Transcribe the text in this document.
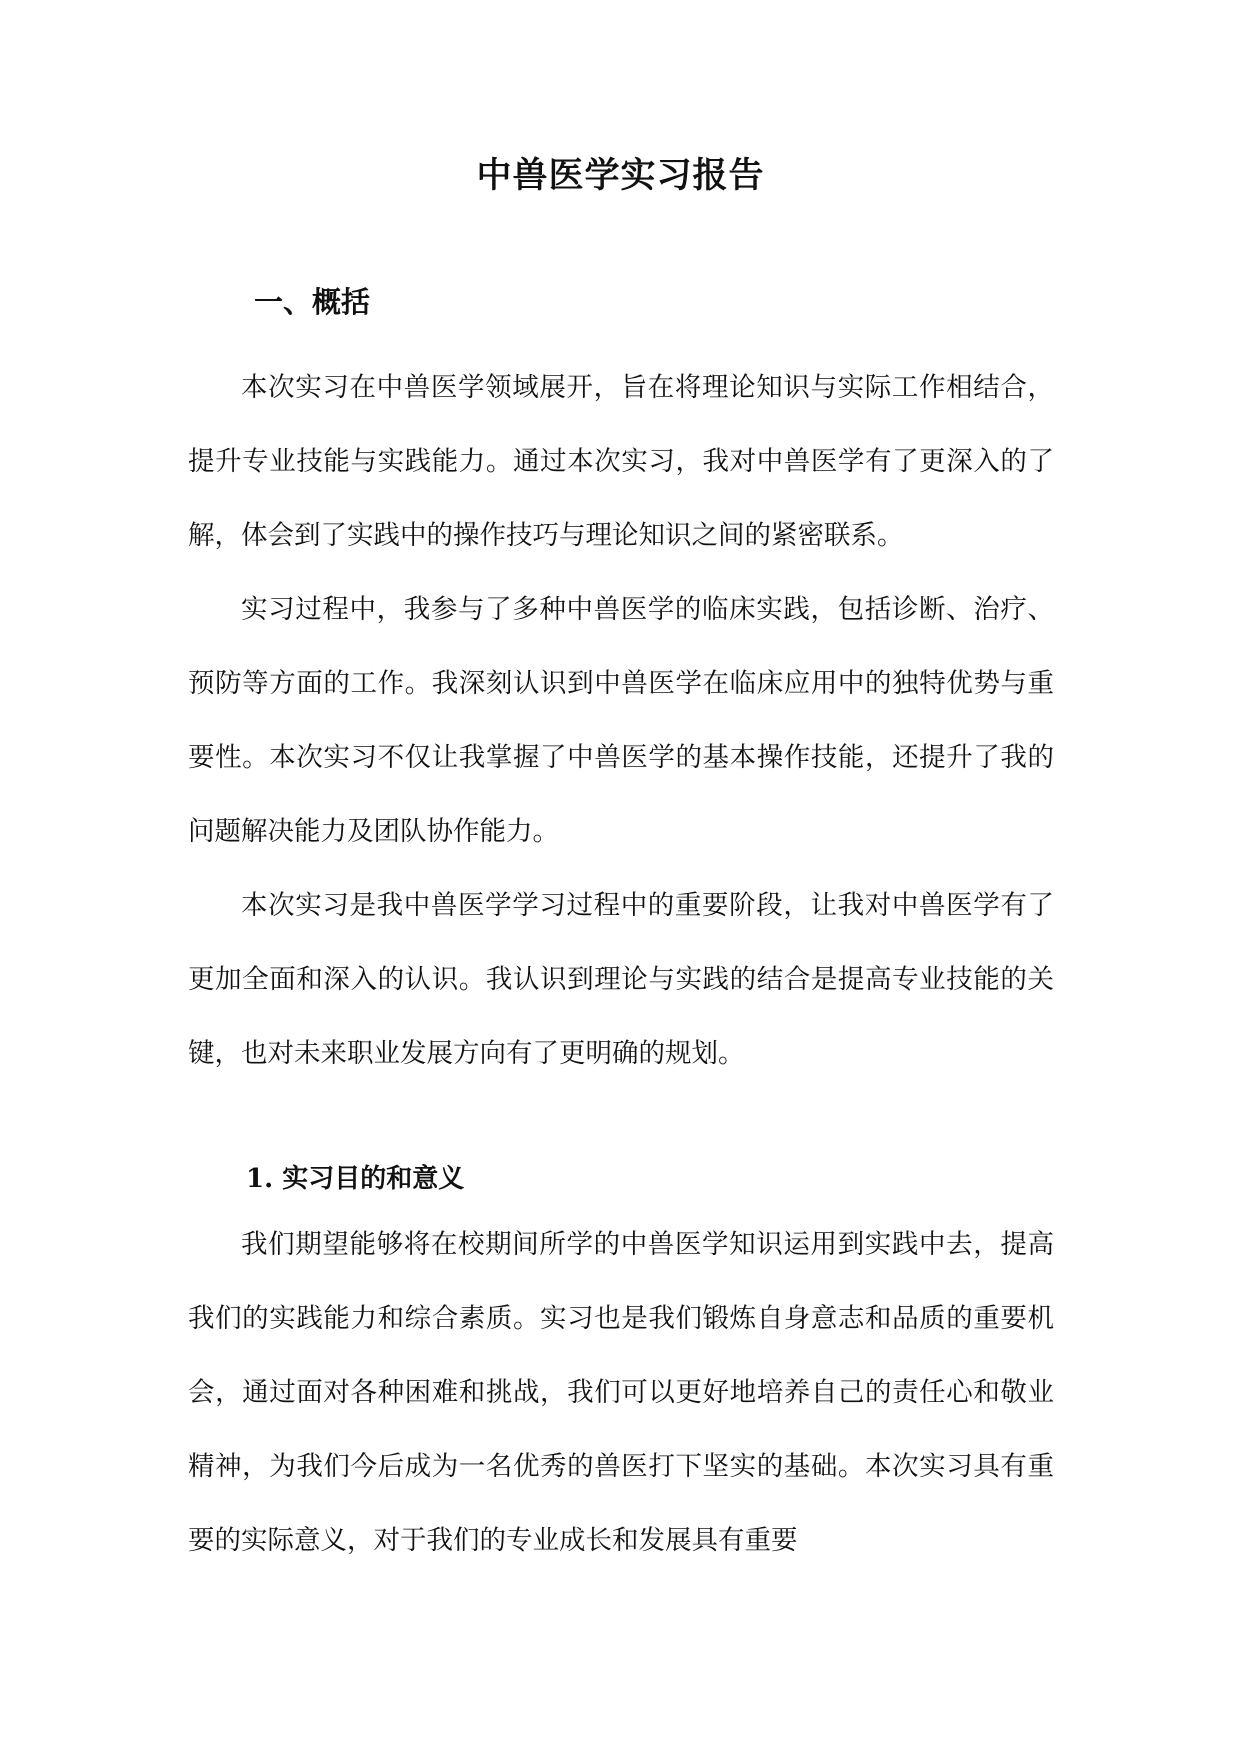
中兽医学实习报告
一、概括

本次实习在中兽医学领域展开，旨在将理论知识与实际工作相结合，提升专业技能与实践能力。通过本次实习，我对中兽医学有了更深入的了解，体会到了实践中的操作技巧与理论知识之间的紧密联系。

实习过程中，我参与了多种中兽医学的临床实践，包括诊断、治疗、预防等方面的工作。我深刻认识到中兽医学在临床应用中的独特优势与重要性。本次实习不仅让我掌握了中兽医学的基本操作技能，还提升了我的问题解决能力及团队协作能力。

本次实习是我中兽医学学习过程中的重要阶段，让我对中兽医学有了更加全面和深入的认识。我认识到理论与实践的结合是提高专业技能的关键，也对未来职业发展方向有了更明确的规划。

1. 实习目的和意义

我们期望能够将在校期间所学的中兽医学知识运用到实践中去，提高我们的实践能力和综合素质。实习也是我们锻炼自身意志和品质的重要机会，通过面对各种困难和挑战，我们可以更好地培养自己的责任心和敬业精神，为我们今后成为一名优秀的兽医打下坚实的基础。本次实习具有重要的实际意义，对于我们的专业成长和发展具有重要
